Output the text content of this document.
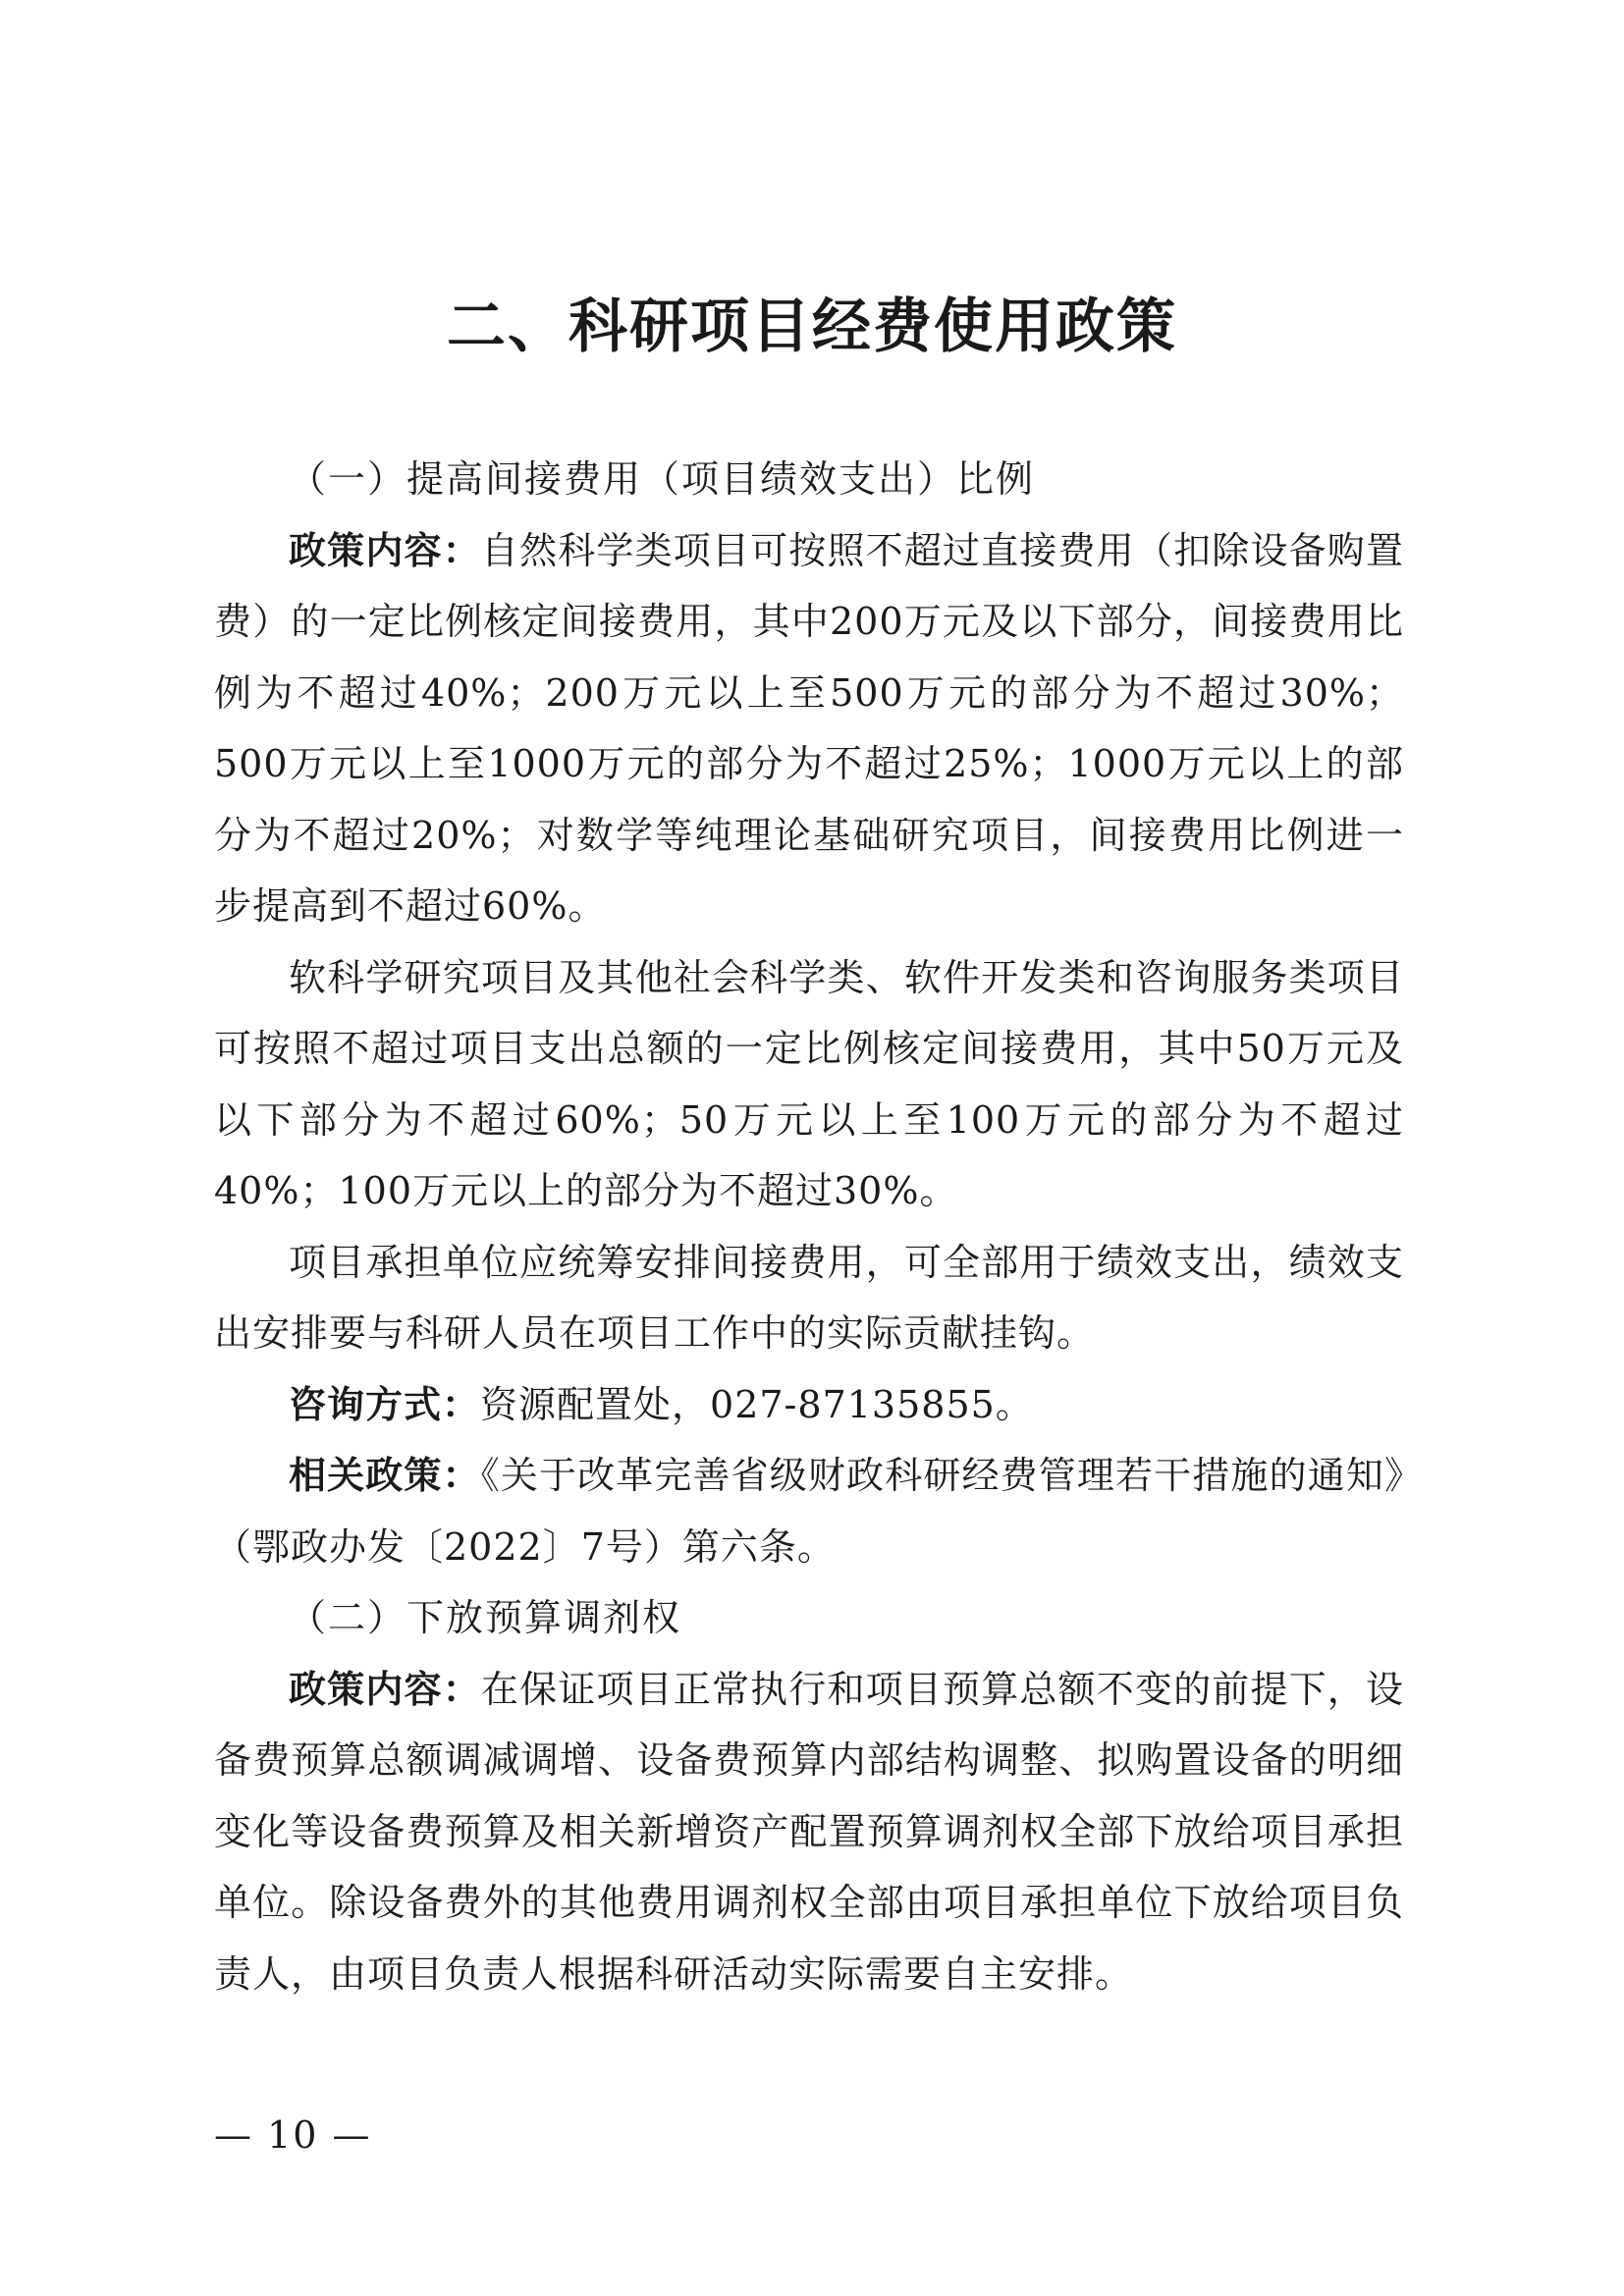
二、科研项目经费使用政策

（一）提高间接费用（项目绩效支出）比例

政策内容：自然科学类项目可按照不超过直接费用（扣除设备购置费）的一定比例核定间接费用，其中200万元及以下部分，间接费用比例为不超过40%；200万元以上至500万元的部分为不超过30%；500万元以上至1000万元的部分为不超过25%；1000万元以上的部分为不超过20%；对数学等纯理论基础研究项目，间接费用比例进一步提高到不超过60%。

软科学研究项目及其他社会科学类、软件开发类和咨询服务类项目可按照不超过项目支出总额的一定比例核定间接费用，其中50万元及以下部分为不超过60%；50万元以上至100万元的部分为不超过40%；100万元以上的部分为不超过30%。

项目承担单位应统筹安排间接费用，可全部用于绩效支出，绩效支出安排要与科研人员在项目工作中的实际贡献挂钩。

咨询方式：资源配置处，027-87135855。

相关政策：《关于改革完善省级财政科研经费管理若干措施的通知》（鄂政办发〔2022〕7号）第六条。

（二）下放预算调剂权

政策内容：在保证项目正常执行和项目预算总额不变的前提下，设备费预算总额调减调增、设备费预算内部结构调整、拟购置设备的明细变化等设备费预算及相关新增资产配置预算调剂权全部下放给项目承担单位。除设备费外的其他费用调剂权全部由项目承担单位下放给项目负责人，由项目负责人根据科研活动实际需要自主安排。

— 10 —
